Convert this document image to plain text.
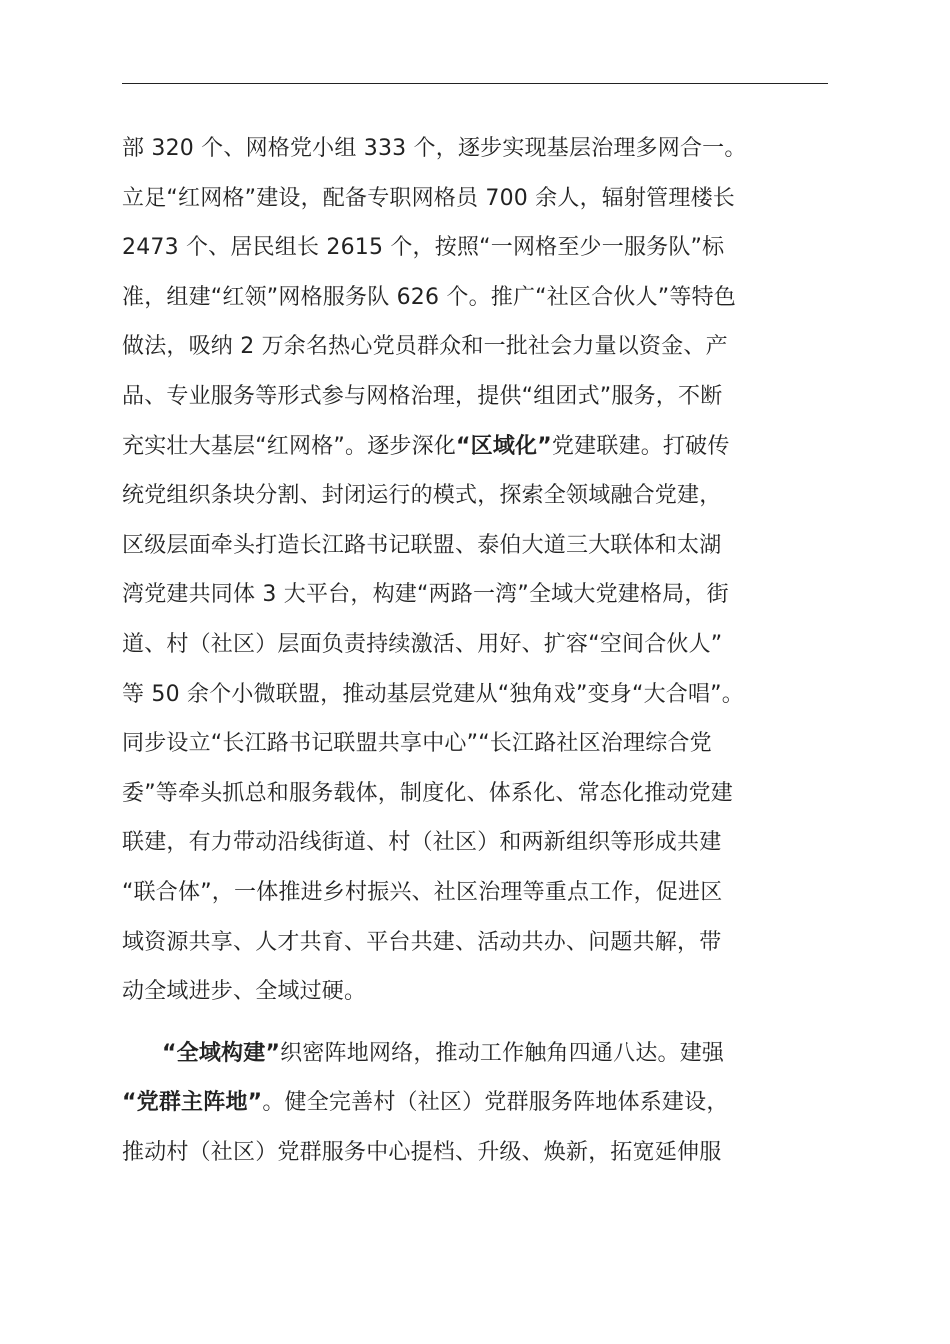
部 320 个、网格党小组 333 个，逐步实现基层治理多网合一。
立足“红网格”建设，配备专职网格员 700 余人，辐射管理楼长
2473 个、居民组长 2615 个，按照“一网格至少一服务队”标
准，组建“红领”网格服务队 626 个。推广“社区合伙人”等特色
做法，吸纳 2 万余名热心党员群众和一批社会力量以资金、产
品、专业服务等形式参与网格治理，提供“组团式”服务，不断
充实壮大基层“红网格”。逐步深化“区域化”党建联建。打破传
统党组织条块分割、封闭运行的模式，探索全领域融合党建，
区级层面牵头打造长江路书记联盟、泰伯大道三大联体和太湖
湾党建共同体 3 大平台，构建“两路一湾”全域大党建格局，街
道、村（社区）层面负责持续激活、用好、扩容“空间合伙人”
等 50 余个小微联盟，推动基层党建从“独角戏”变身“大合唱”。
同步设立“长江路书记联盟共享中心”“长江路社区治理综合党
委”等牵头抓总和服务载体，制度化、体系化、常态化推动党建
联建，有力带动沿线街道、村（社区）和两新组织等形成共建
“联合体”，一体推进乡村振兴、社区治理等重点工作，促进区
域资源共享、人才共育、平台共建、活动共办、问题共解，带
动全域进步、全域过硬。
“全域构建”织密阵地网络，推动工作触角四通八达。建强
“党群主阵地”。健全完善村（社区）党群服务阵地体系建设，
推动村（社区）党群服务中心提档、升级、焕新，拓宽延伸服
